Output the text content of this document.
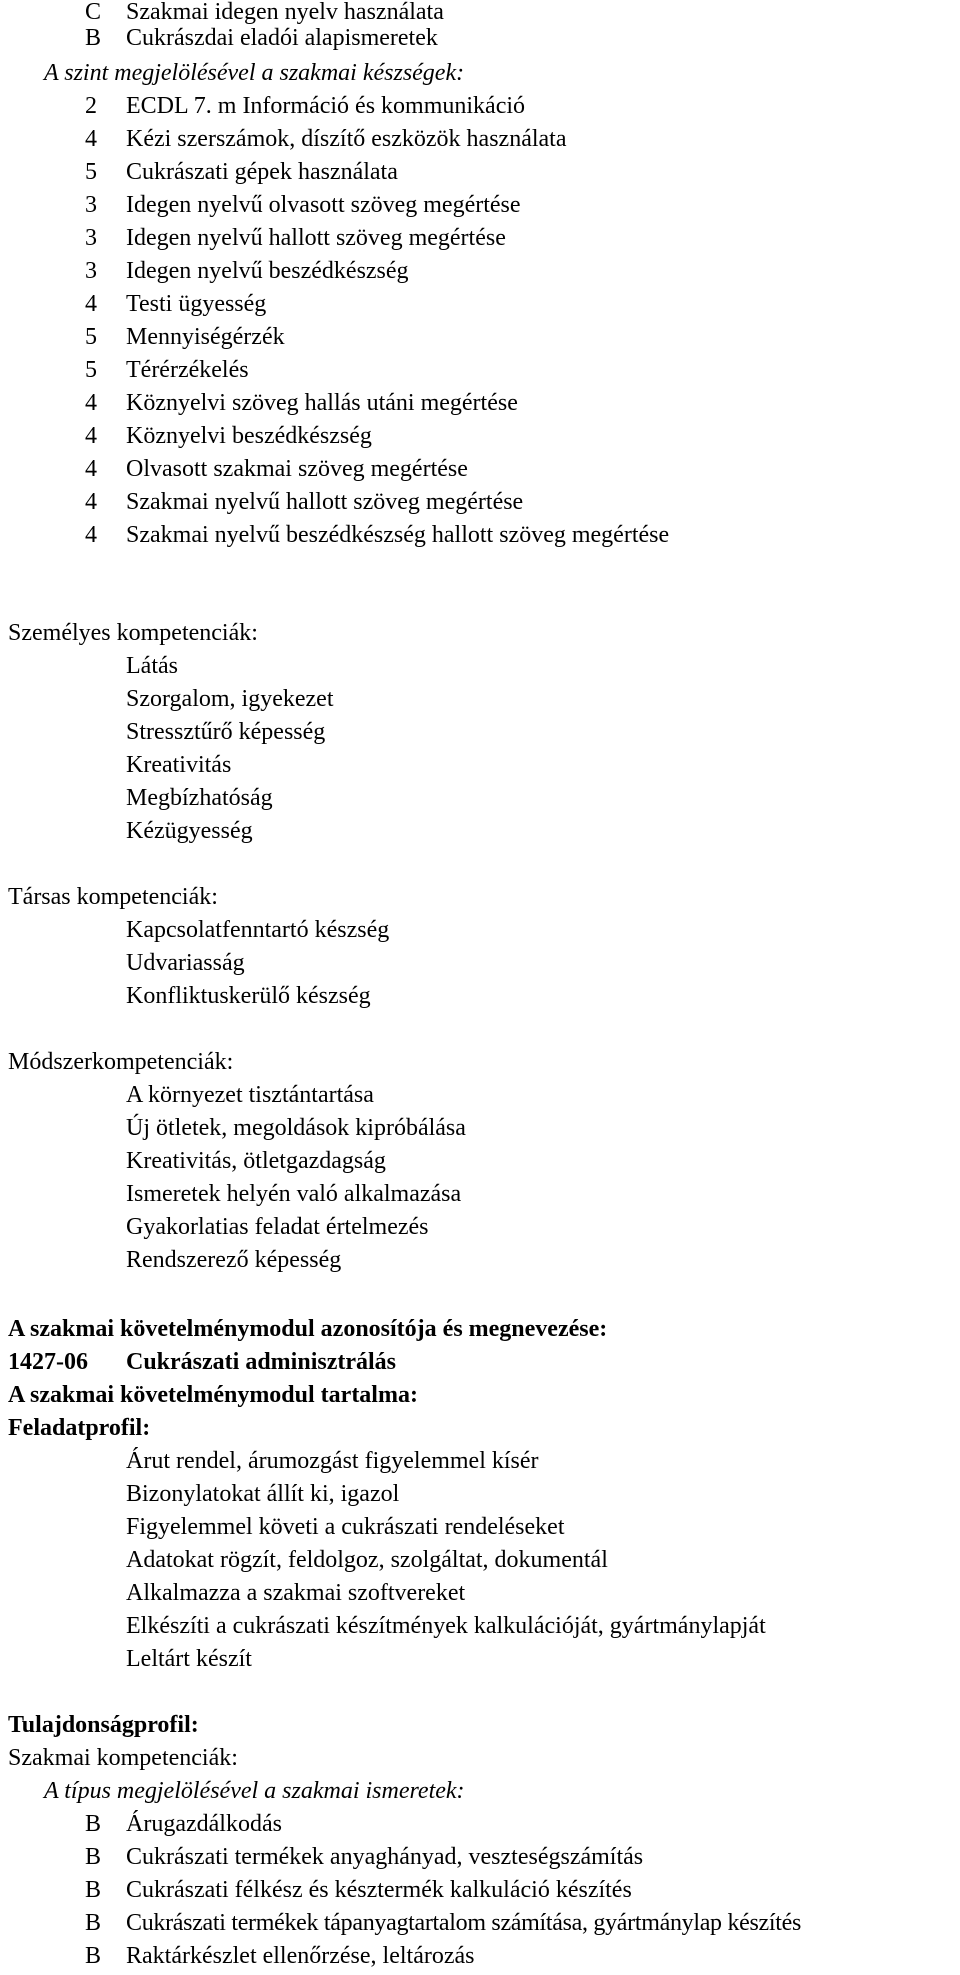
C Szakmai idegen nyelv használata
B Cukrászdai eladói alapismeretek
A szint megjelölésével a szakmai készségek:
2	ECDL 7. m Információ és kommunikáció
4	Kézi szerszámok, díszítő eszközök használata
5	Cukrászati gépek használata
3	Idegen nyelvű olvasott szöveg megértése
3	Idegen nyelvű hallott szöveg megértése
3	Idegen nyelvű beszédkészség
4	Testi ügyesség
5	Mennyiségérzék
5	Térérzékelés
4	Köznyelvi szöveg hallás utáni megértése
4	Köznyelvi beszédkészség
4	Olvasott szakmai szöveg megértése
4	Szakmai nyelvű hallott szöveg megértése
4	Szakmai nyelvű beszédkészség hallott szöveg megértése
Személyes kompetenciák:
Látás
Szorgalom, igyekezet
Stressztűrő képesség
Kreativitás
Megbízhatóság
Kézügyesség
Társas kompetenciák:
Kapcsolatfenntartó készség
Udvariasság
Konfliktuskerülő készség
Módszerkompetenciák:
A környezet tisztántartása
Új ötletek, megoldások kipróbálása
Kreativitás, ötletgazdagság
Ismeretek helyén való alkalmazása
Gyakorlatias feladat értelmezés
Rendszerező képesség
A szakmai követelménymodul azonosítója és megnevezése:
1427-06 Cukrászati adminisztrálás
A szakmai követelménymodul tartalma:
Feladatprofil:
Árut rendel, árumozgást figyelemmel kísér
Bizonylatokat állít ki, igazol
Figyelemmel követi a cukrászati rendeléseket
Adatokat rögzít, feldolgoz, szolgáltat, dokumentál
Alkalmazza a szakmai szoftvereket
Elkészíti a cukrászati készítmények kalkulációját, gyártmánylapját
Leltárt készít
Tulajdonságprofil:
Szakmai kompetenciák:
A típus megjelölésével a szakmai ismeretek:
B Árugazdálkodás
B Cukrászati termékek anyaghányad, veszteségszámítás
B Cukrászati félkész és késztermék kalkuláció készítés
B Cukrászati termékek tápanyagtartalom számítása, gyártmánylap készítés
B Raktárkészlet ellenőrzése, leltározás
